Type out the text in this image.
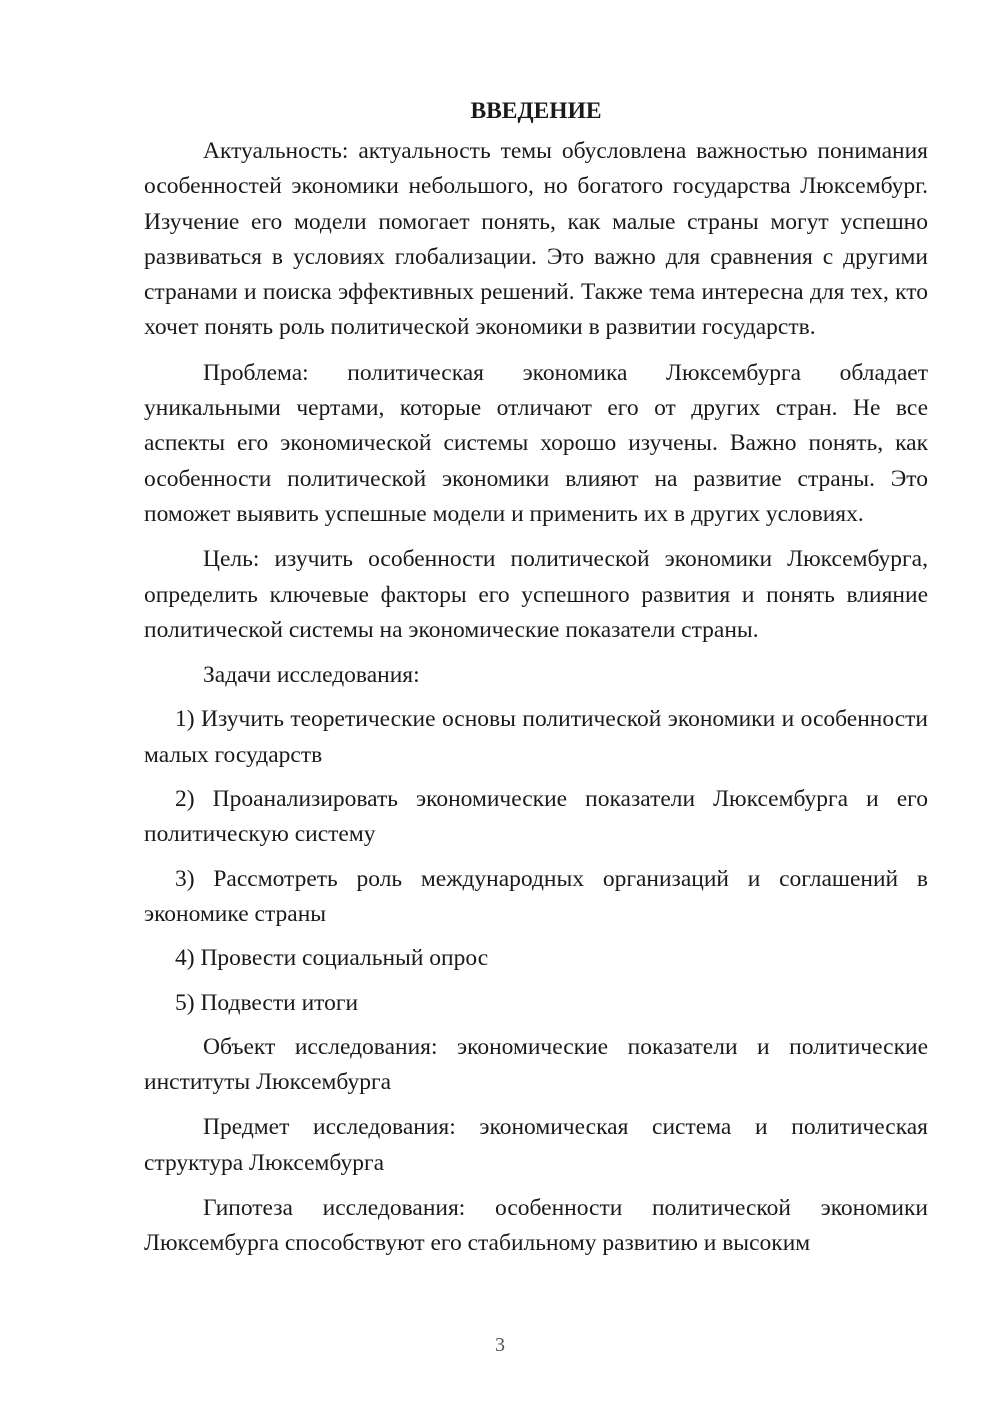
ВВЕДЕНИЕ

Актуальность: актуальность темы обусловлена важностью понимания особенностей экономики небольшого, но богатого государства Люксембург. Изучение его модели помогает понять, как малые страны могут успешно развиваться в условиях глобализации. Это важно для сравнения с другими странами и поиска эффективных решений. Также тема интересна для тех, кто хочет понять роль политической экономики в развитии государств.

Проблема: политическая экономика Люксембурга обладает уникальными чертами, которые отличают его от других стран. Не все аспекты его экономической системы хорошо изучены. Важно понять, как особенности политической экономики влияют на развитие страны. Это поможет выявить успешные модели и применить их в других условиях.

Цель: изучить особенности политической экономики Люксембурга, определить ключевые факторы его успешного развития и понять влияние политической системы на экономические показатели страны.

Задачи исследования:

1) Изучить теоретические основы политической экономики и особенности малых государств

2) Проанализировать экономические показатели Люксембурга и его политическую систему

3) Рассмотреть роль международных организаций и соглашений в экономике страны

4) Провести социальный опрос

5) Подвести итоги

Объект исследования: экономические показатели и политические институты Люксембурга

Предмет исследования: экономическая система и политическая структура Люксембурга

Гипотеза исследования: особенности политической экономики Люксембурга способствуют его стабильному развитию и высоким

3
